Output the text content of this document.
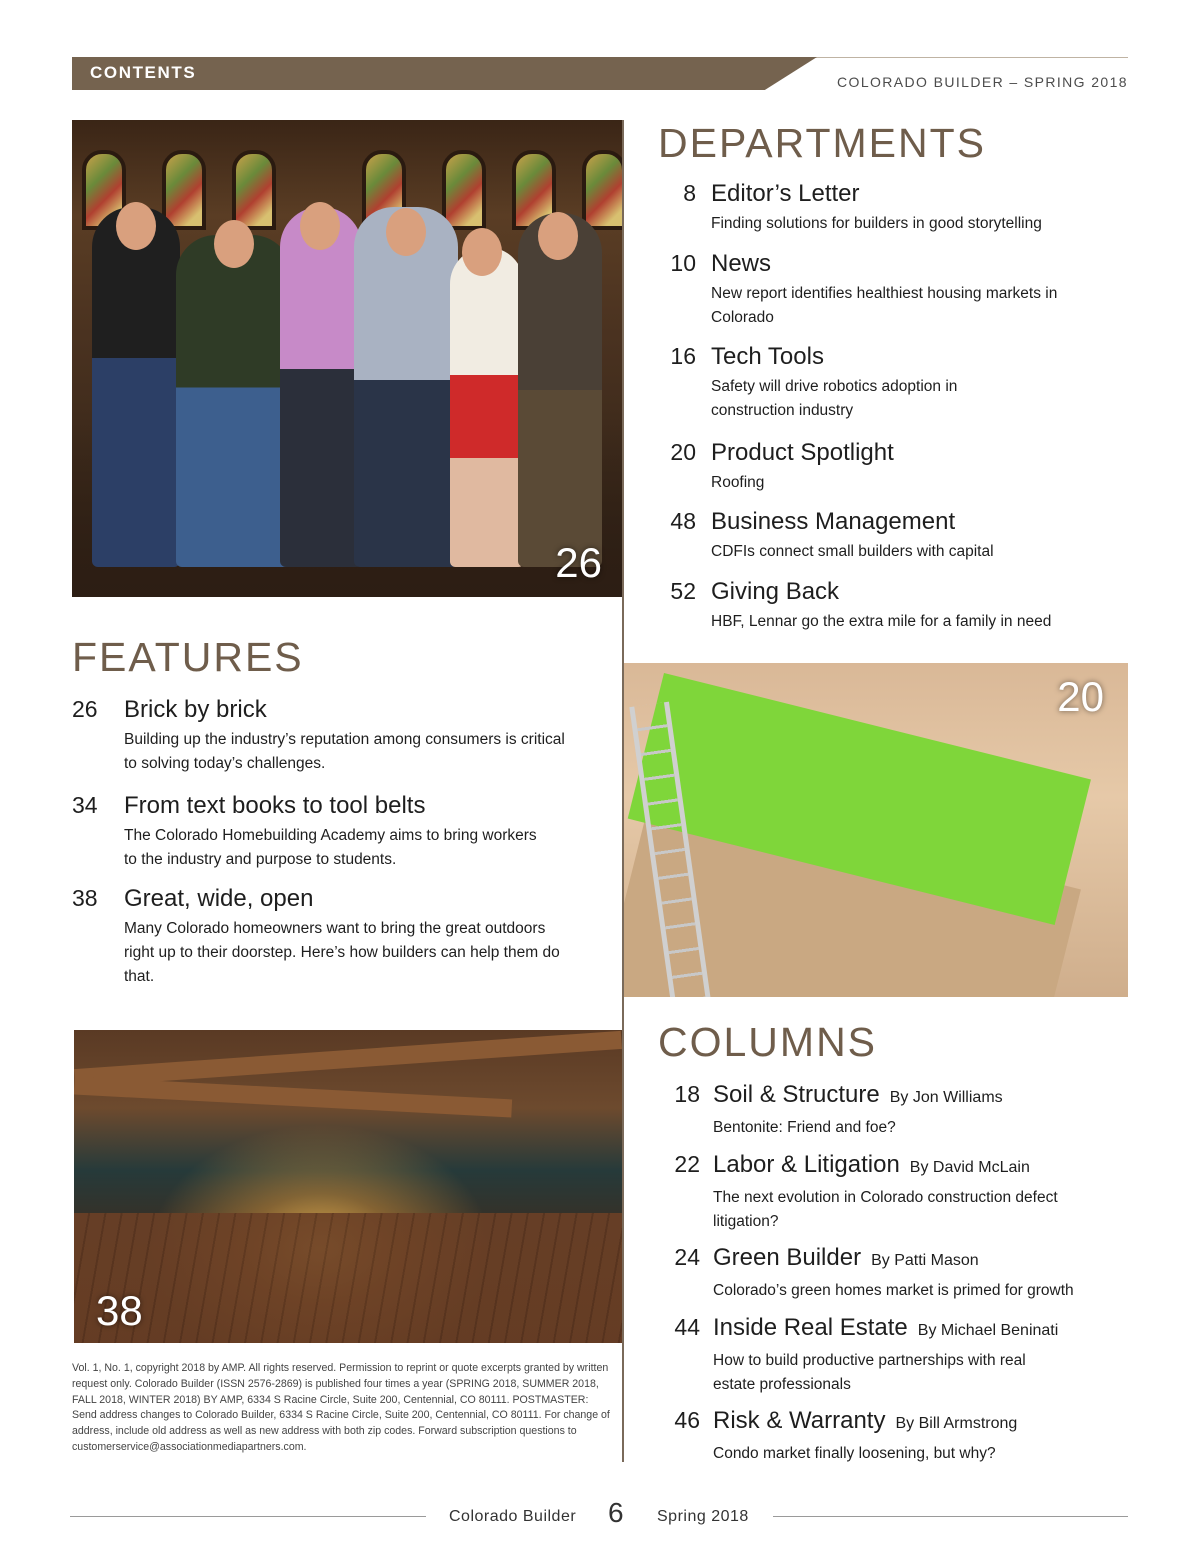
CONTENTS	COLORADO BUILDER – SPRING 2018
26
DEPARTMENTS
8 Editor’s Letter
Finding solutions for builders in good storytelling
10 News
New report identifies healthiest housing markets in Colorado
16 Tech Tools
Safety will drive robotics adoption in construction industry
20 Product Spotlight
Roofing
48 Business Management
CDFIs connect small builders with capital
52 Giving Back
HBF, Lennar go the extra mile for a family in need
FEATURES
26 Brick by brick
Building up the industry’s reputation among consumers is critical to solving today’s challenges.
34 From text books to tool belts
The Colorado Homebuilding Academy aims to bring workers to the industry and purpose to students.
38 Great, wide, open
Many Colorado homeowners want to bring the great outdoors right up to their doorstep. Here’s how builders can help them do that.
20
COLUMNS
18 Soil & Structure By Jon Williams
Bentonite: Friend and foe?
22 Labor & Litigation By David McLain
The next evolution in Colorado construction defect litigation?
24 Green Builder By Patti Mason
Colorado’s green homes market is primed for growth
44 Inside Real Estate By Michael Beninati
How to build productive partnerships with real estate professionals
46 Risk & Warranty By Bill Armstrong
Condo market finally loosening, but why?
38
Vol. 1, No. 1, copyright 2018 by AMP. All rights reserved. Permission to reprint or quote excerpts granted by written request only. Colorado Builder (ISSN 2576-2869) is published four times a year (SPRING 2018, SUMMER 2018, FALL 2018, WINTER 2018) BY AMP, 6334 S Racine Circle, Suite 200, Centennial, CO 80111. POSTMASTER: Send address changes to Colorado Builder, 6334 S Racine Circle, Suite 200, Centennial, CO 80111. For change of address, include old address as well as new address with both zip codes. Forward subscription questions to customerservice@associationmediapartners.com.
Colorado Builder 6 Spring 2018
